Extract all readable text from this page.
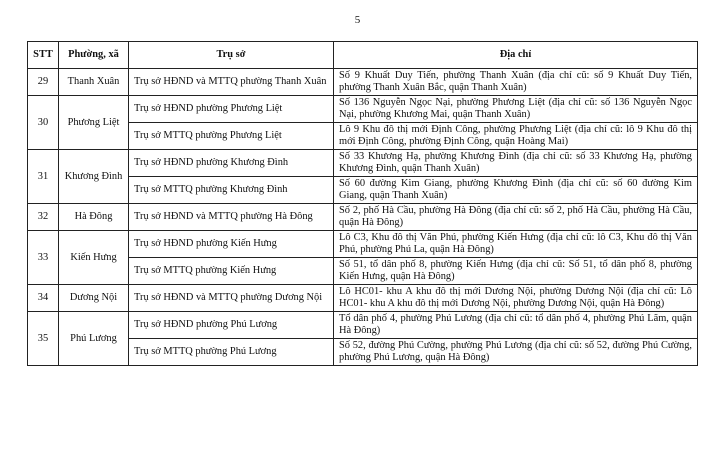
5
STT	Phường, xã	Trụ sở	Địa chỉ
29	Thanh Xuân	Trụ sở HĐND và MTTQ phường Thanh Xuân	Số 9 Khuất Duy Tiến, phường Thanh Xuân (địa chỉ cũ: số 9 Khuất Duy Tiến, phường Thanh Xuân Bắc, quận Thanh Xuân)
30	Phương Liệt	Trụ sở HĐND phường Phương Liệt	Số 136 Nguyễn Ngọc Nại, phường Phương Liệt (địa chỉ cũ: số 136 Nguyễn Ngọc Nại, phường Khương Mai, quận Thanh Xuân)
		Trụ sở MTTQ phường Phương Liệt	Lô 9 Khu đô thị mới Định Công, phường Phương Liệt (địa chỉ cũ: lô 9 Khu đô thị mới Định Công, phường Định Công, quận Hoàng Mai)
31	Khương Đình	Trụ sở HĐND phường Khương Đình	Số 33 Khương Hạ, phường Khương Đình (địa chỉ cũ: số 33 Khương Hạ, phường Khương Đình, quận Thanh Xuân)
		Trụ sở MTTQ phường Khương Đình	Số 60 đường Kim Giang, phường Khương Đình (địa chỉ cũ: số 60 đường Kim Giang, quận Thanh Xuân)
32	Hà Đông	Trụ sở HĐND và MTTQ phường Hà Đông	Số 2, phố Hà Cầu, phường Hà Đông (địa chỉ cũ: số 2, phố Hà Cầu, phường Hà Cầu, quận Hà Đông)
33	Kiến Hưng	Trụ sở HĐND phường Kiến Hưng	Lô C3, Khu đô thị Văn Phú, phường Kiến Hưng (địa chỉ cũ: lô C3, Khu đô thị Văn Phú, phường Phú La, quận Hà Đông)
		Trụ sở MTTQ phường Kiến Hưng	Số 51, tổ dân phố 8, phường Kiến Hưng (địa chỉ cũ: Số 51, tổ dân phố 8, phường Kiến Hưng, quận Hà Đông)
34	Dương Nội	Trụ sở HĐND và MTTQ phường Dương Nội	Lô HC01- khu A khu đô thị mới Dương Nội, phường Dương Nội (địa chỉ cũ: Lô HC01- khu A khu đô thị mới Dương Nội, phường Dương Nội, quận Hà Đông)
35	Phú Lương	Trụ sở HĐND phường Phú Lương	Tổ dân phố 4, phường Phú Lương (địa chỉ cũ: tổ dân phố 4, phường Phú Lãm, quận Hà Đông)
		Trụ sở MTTQ phường Phú Lương	Số 52, đường Phú Cường, phường Phú Lương (địa chỉ cũ: số 52, đường Phú Cường, phường Phú Lương, quận Hà Đông)
